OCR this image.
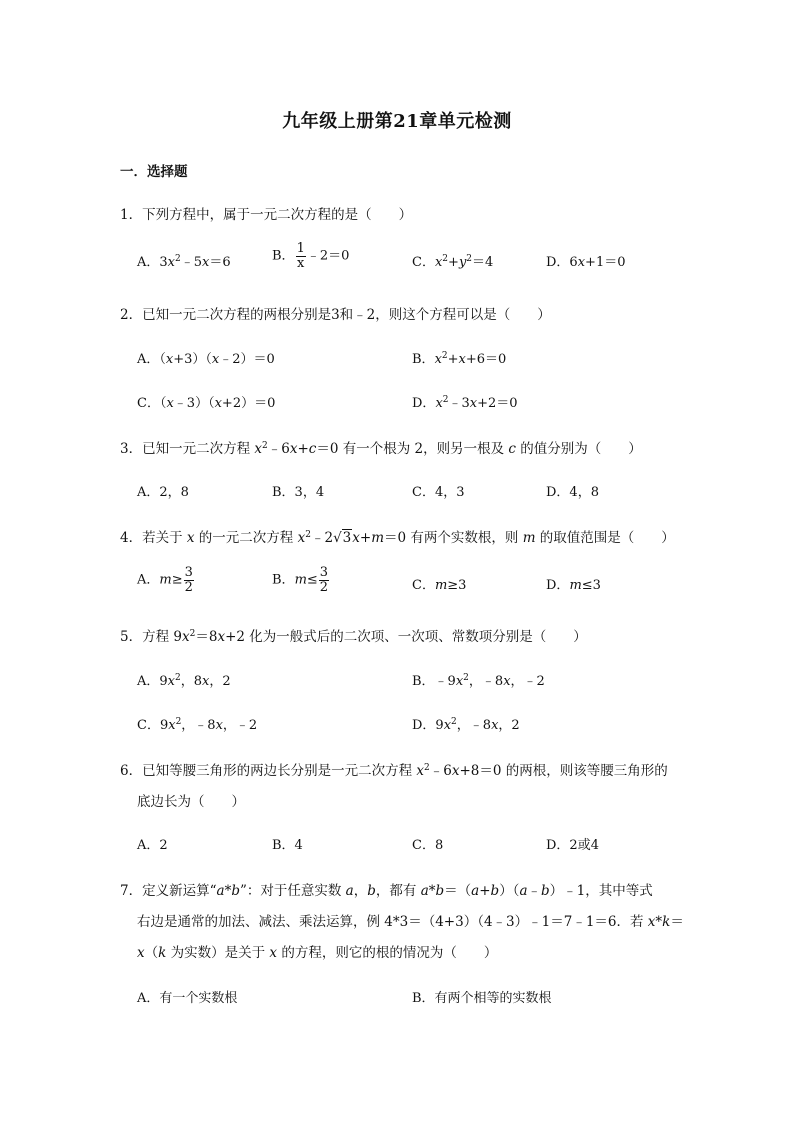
九年级上册第21章单元检测
一．选择题
1．下列方程中，属于一元二次方程的是（　　）
A．$3x^2﹣5x=6$	B． $\frac{1}{x}$ ﹣2＝0	C．$x^2+y^2=4$	D．6x+1＝0
2．已知一元二次方程的两根分别是3和﹣2，则这个方程可以是（　　）
A．（x+3）（x﹣2）＝0	B．$x^2+x+6=0$
C．（x﹣3）（x+2）＝0	D．$x^2﹣3x+2=0$
3．已知一元二次方程 $x^2﹣6x+c=0$ 有一个根为 2，则另一根及 c 的值分别为（　　）
A．2，8	B．3，4	C．4，3	D．4，8
4．若关于 x 的一元二次方程 $x^2﹣2√3x+m=0$ 有两个实数根，则 m 的取值范围是（　　）
A．$m\ge \frac{3}{2}$	B．$m\le \frac{3}{2}$	C．m≥3	D．m≤3
5．方程 $9x^2=8x+2$ 化为一般式后的二次项、一次项、常数项分别是（　　）
A．$9x^2$，8x，2	B．$﹣9x^2$，﹣8x，﹣2
C．$9x^2$，﹣8x，﹣2	D．$9x^2$，﹣8x，2
6．已知等腰三角形的两边长分别是一元二次方程 $x^2﹣6x+8=0$ 的两根，则该等腰三角形的
底边长为（　　）
A．2	B．4	C．8	D．2或4
7．定义新运算“a*b”：对于任意实数 a，b，都有 a*b＝（a+b）（a﹣b）﹣1，其中等式
右边是通常的加法、减法、乘法运算，例 4*3＝（4+3）（4﹣3）﹣1＝7﹣1＝6．若 x*k＝
x（k 为实数）是关于 x 的方程，则它的根的情况为（　　）
A．有一个实数根	B．有两个相等的实数根
